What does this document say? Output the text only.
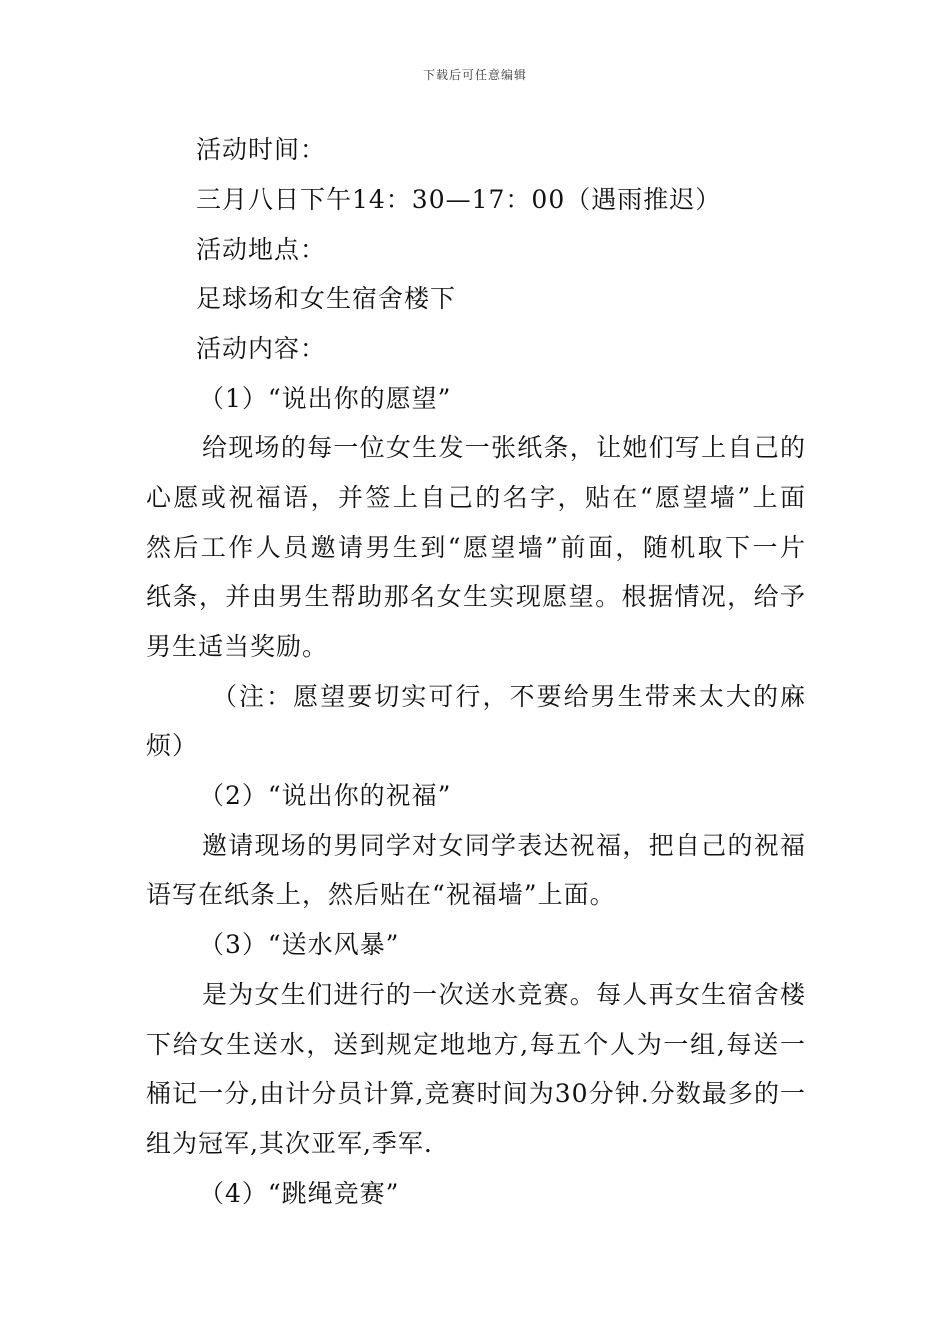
下载后可任意编辑
活动时间：
三月八日下午14：30—17：00（遇雨推迟）
活动地点：
足球场和女生宿舍楼下
活动内容：
（1）“说出你的愿望”
给现场的每一位女生发一张纸条，让她们写上自己的
心愿或祝福语，并签上自己的名字，贴在“愿望墙”上面
然后工作人员邀请男生到“愿望墙”前面，随机取下一片
纸条，并由男生帮助那名女生实现愿望。根据情况，给予
男生适当奖励。
（注：愿望要切实可行，不要给男生带来太大的麻
烦）
（2）“说出你的祝福”
邀请现场的男同学对女同学表达祝福，把自己的祝福
语写在纸条上，然后贴在“祝福墙”上面。
（3）“送水风暴”
是为女生们进行的一次送水竞赛。每人再女生宿舍楼
下给女生送水，送到规定地地方,每五个人为一组,每送一
桶记一分,由计分员计算,竞赛时间为30分钟.分数最多的一
组为冠军,其次亚军,季军.
（4）“跳绳竞赛”
